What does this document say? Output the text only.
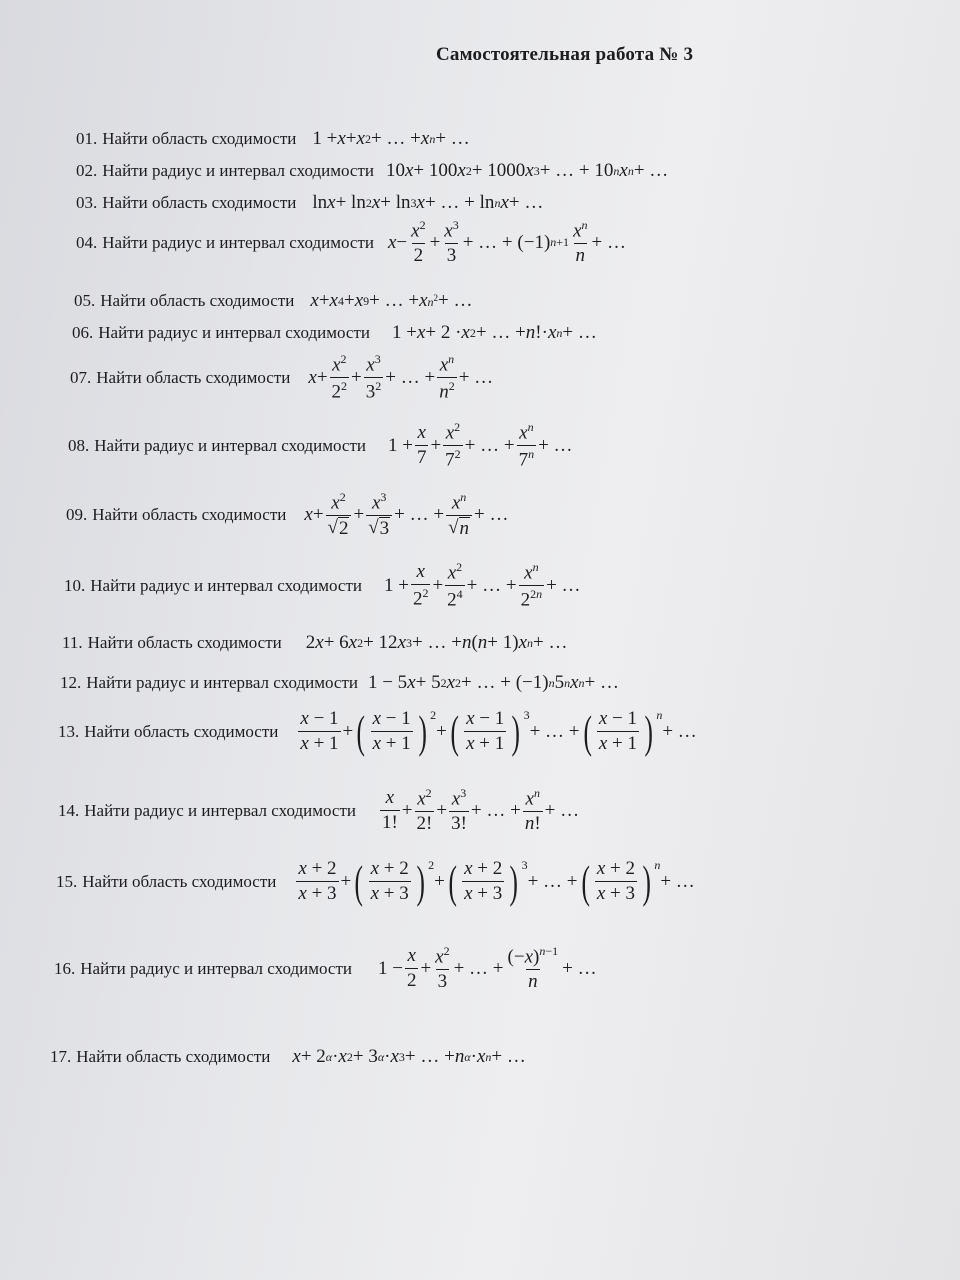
Самостоятельная работа № 3
01. Найти область сходимости 1 + x + x 2 + … + x n + …
02. Найти радиус и интервал сходимости 10 x + 100 x 2 + 1000 x 3 + … + 10 n x n + …
03. Найти область сходимости ln x + ln 2 x + ln 3 x + … + ln n x + …
04. Найти радиус и интервал сходимости $x - \frac{x^2}{2} + \frac{x^3}{3}$ + … + (−1) $n+1 \frac{x^n}{n}$ + …
05. Найти область сходимости x + x 4 + x 9 + … + x $n^2$ + …
06. Найти радиус и интервал сходимости 1 + x + 2 · x 2 + … + n !· x n + …
07. Найти область сходимости $x + \frac{x^2}{2^2} + \frac{x^3}{3^2}$ + … + $\frac{x^n}{n^2}$ + …
08. Найти радиус и интервал сходимости $1 + \frac{x}{7} + \frac{x^2}{7^2}$ + … + $\frac{x^n}{7^n}$ + …
09. Найти область сходимости $x + \frac{x^2}{√ 2} + \frac{x^3}{√ 3}$ + … + $\frac{x^n}{√ n}$ + …
10. Найти радиус и интервал сходимости $1 + \frac{x}{2^2} + \frac{x^2}{2^4}$ + … + $\frac{x^n}{2^{2n}}$ + …
11. Найти область сходимости 2 x + 6 x 2 + 12 x 3 + … + n ( n + 1) x n + …
12. Найти радиус и интервал сходимости 1 − 5 x + 5 2 x 2 + … + (−1) n 5 n x n + …
13. Найти область сходимости $\frac{x - 1}{x + 1}$ + ( $\frac{x - 1}{x + 1}$ ) $^2$
+ ( $\frac{x - 1}{x + 1}$ ) $^3$
+ … + ( $\frac{x - 1}{x + 1}$ ) $^n$
+ …
14. Найти радиус и интервал сходимости $\frac{x}{1!} + \frac{x^2}{2!} + \frac{x^3}{3!}$ + … + $\frac{x^n}{n!}$ + …
15. Найти область сходимости $\frac{x + 2}{x + 3}$ + ( $\frac{x + 2}{x + 3}$ ) $^2$
+ ( $\frac{x + 2}{x + 3}$ ) $^3$
+ … + ( $\frac{x + 2}{x + 3}$ ) $^n$
+ …
16. Найти радиус и интервал сходимости $1 - \frac{x}{2} + \frac{x^2}{3}$ + … + $\frac{(-x)^{n-1}}{n}$ + …
17. Найти область сходимости x + 2 α · x 2 + 3 α · x 3 + … + n α · x n + …
